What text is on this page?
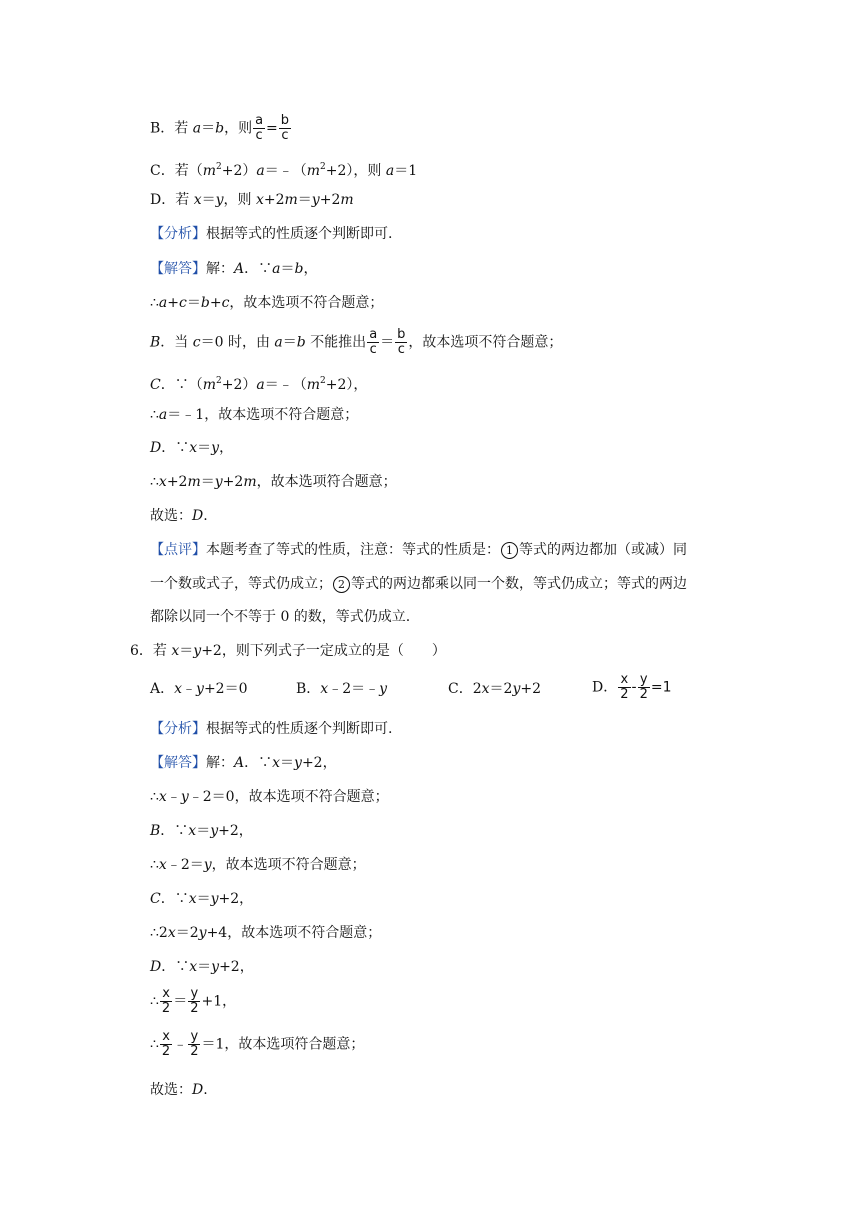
B．若 a＝b，则 $\frac{a}{c} = \frac{b}{c}$
C．若$(m^2+2)a=﹣(m^2+2)$，则 a＝1
D．若 x＝y，则 x+2m＝y+2m
【分析】根据等式的性质逐个判断即可.
【解答】解：A．∵a＝b，
∴a+c＝b+c，故本选项不符合题意；
B．当 c＝0 时，由 a＝b 不能推出 $\frac{a}{c} = \frac{b}{c}$ ，故本选项不符合题意；
C．$\because(m^2+2)a=﹣(m^2+2)$，
∴a＝﹣1，故本选项不符合题意；
D．∵x＝y，
∴x+2m＝y+2m，故本选项符合题意；
故选：D.
【点评】本题考查了等式的性质，注意：等式的性质是： 1 等式的两边都加（或减）同
一个数或式子，等式仍成立； 2 等式的两边都乘以同一个数，等式仍成立；等式的两边
都除以同一个不等于 0 的数，等式仍成立.
6．若 x＝y+2，则下列式子一定成立的是（　　）
A．x﹣y+2＝0	B．x﹣2＝﹣y	C．2x＝2y+2	D． $\frac{x}{2} - \frac{y}{2} =1$
【分析】根据等式的性质逐个判断即可.
【解答】解：A．∵x＝y+2，
∴x﹣y﹣2＝0，故本选项不符合题意；
B．∵x＝y+2，
∴x﹣2＝y，故本选项不符合题意；
C．∵x＝y+2，
∴2x＝2y+4，故本选项不符合题意；
D．∵x＝y+2，
∴ $\frac{x}{2} = \frac{y}{2} +1$，
∴ $\frac{x}{2}$ ﹣ $\frac{y}{2} =1$，故本选项符合题意；
故选：D.
